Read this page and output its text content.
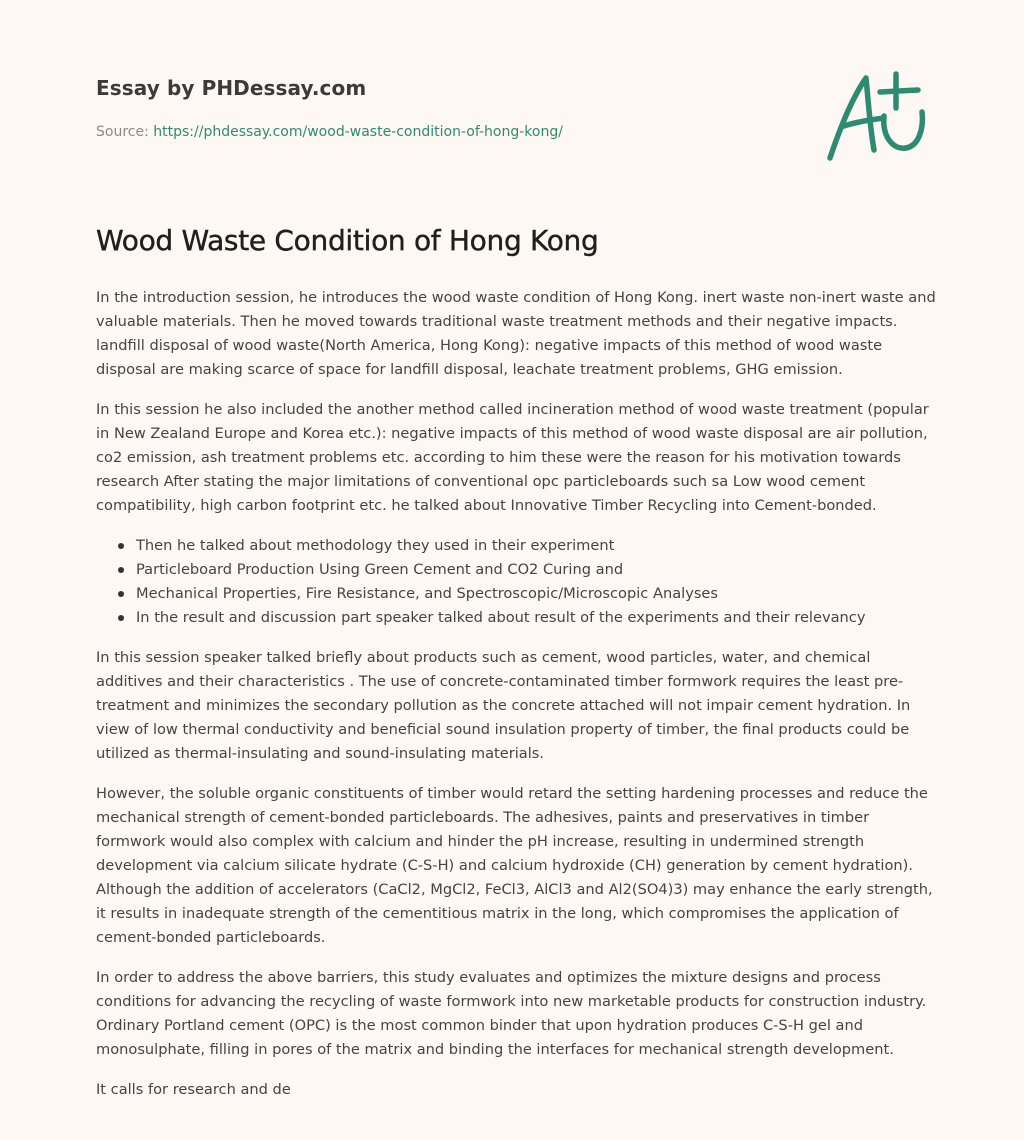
Essay by PHDessay.com
Source: https://phdessay.com/wood-waste-condition-of-hong-kong/
Wood Waste Condition of Hong Kong

In the introduction session, he introduces the wood waste condition of Hong Kong. inert waste non-inert waste and valuable materials. Then he moved towards traditional waste treatment methods and their negative impacts. landfill disposal of wood waste(North America, Hong Kong): negative impacts of this method of wood waste disposal are making scarce of space for landfill disposal, leachate treatment problems, GHG emission.

In this session he also included the another method called incineration method of wood waste treatment (popular in New Zealand Europe and Korea etc.): negative impacts of this method of wood waste disposal are air pollution, co2 emission, ash treatment problems etc. according to him these were the reason for his motivation towards research After stating the major limitations of conventional opc particleboards such sa Low wood cement compatibility, high carbon footprint etc. he talked about Innovative Timber Recycling into Cement-bonded.

Then he talked about methodology they used in their experiment
Particleboard Production Using Green Cement and CO2 Curing and
Mechanical Properties, Fire Resistance, and Spectroscopic/Microscopic Analyses
In the result and discussion part speaker talked about result of the experiments and their relevancy

In this session speaker talked briefly about products such as cement, wood particles, water, and chemical additives and their characteristics . The use of concrete-contaminated timber formwork requires the least pre-treatment and minimizes the secondary pollution as the concrete attached will not impair cement hydration. In view of low thermal conductivity and beneficial sound insulation property of timber, the final products could be utilized as thermal-insulating and sound-insulating materials.

However, the soluble organic constituents of timber would retard the setting hardening processes and reduce the mechanical strength of cement-bonded particleboards. The adhesives, paints and preservatives in timber formwork would also complex with calcium and hinder the pH increase, resulting in undermined strength development via calcium silicate hydrate (C-S-H) and calcium hydroxide (CH) generation by cement hydration). Although the addition of accelerators (CaCl2, MgCl2, FeCl3, AlCl3 and Al2(SO4)3) may enhance the early strength, it results in inadequate strength of the cementitious matrix in the long, which compromises the application of cement-bonded particleboards.

In order to address the above barriers, this study evaluates and optimizes the mixture designs and process conditions for advancing the recycling of waste formwork into new marketable products for construction industry. Ordinary Portland cement (OPC) is the most common binder that upon hydration produces C-S-H gel and monosulphate, filling in pores of the matrix and binding the interfaces for mechanical strength development.

It calls for research and de
